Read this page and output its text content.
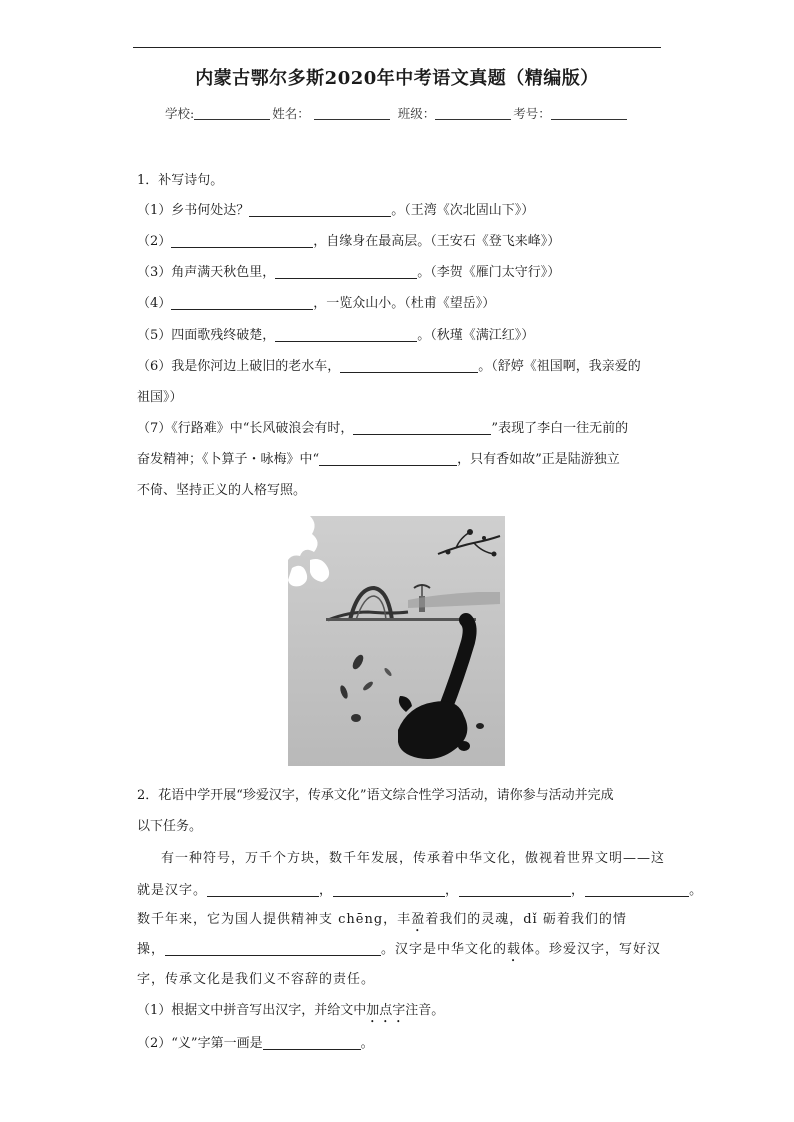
内蒙古鄂尔多斯2020年中考语文真题（精编版）
学校:	姓名：	班级：	考号：
1．补写诗句。
（1）乡书何处达？	。（王湾《次北固山下》）
（2）	，自缘身在最高层。（王安石《登飞来峰》）
（3）角声满天秋色里，	。（李贺《雁门太守行》）
（4）	，一览众山小。（杜甫《望岳》）
（5）四面歌残终破楚，	。（秋瑾《满江红》）
（6）我是你河边上破旧的老水车，	。（舒婷《祖国啊，我亲爱的
祖国》）
（7）《行路难》中“长风破浪会有时，	”表现了李白一往无前的
奋发精神；《卜算子・咏梅》中“	，只有香如故”正是陆游独立
不倚、坚持正义的人格写照。
2．花语中学开展“珍爱汉字，传承文化”语文综合性学习活动，请你参与活动并完成
以下任务。
有一种符号，万千个方块，数千年发展，传承着中华文化，傲视着世界文明——这
就是汉字。	，	，	，	。
数千年来，它为国人提供精神支 chēng，丰盈着我们的灵魂，dǐ 砺着我们的情
操，	。汉字是中华文化的载体。珍爱汉字，写好汉
字，传承文化是我们义不容辞的责任。
（1）根据文中拼音写出汉字，并给文中加点字注音。
（2）“义”字第一画是	。
